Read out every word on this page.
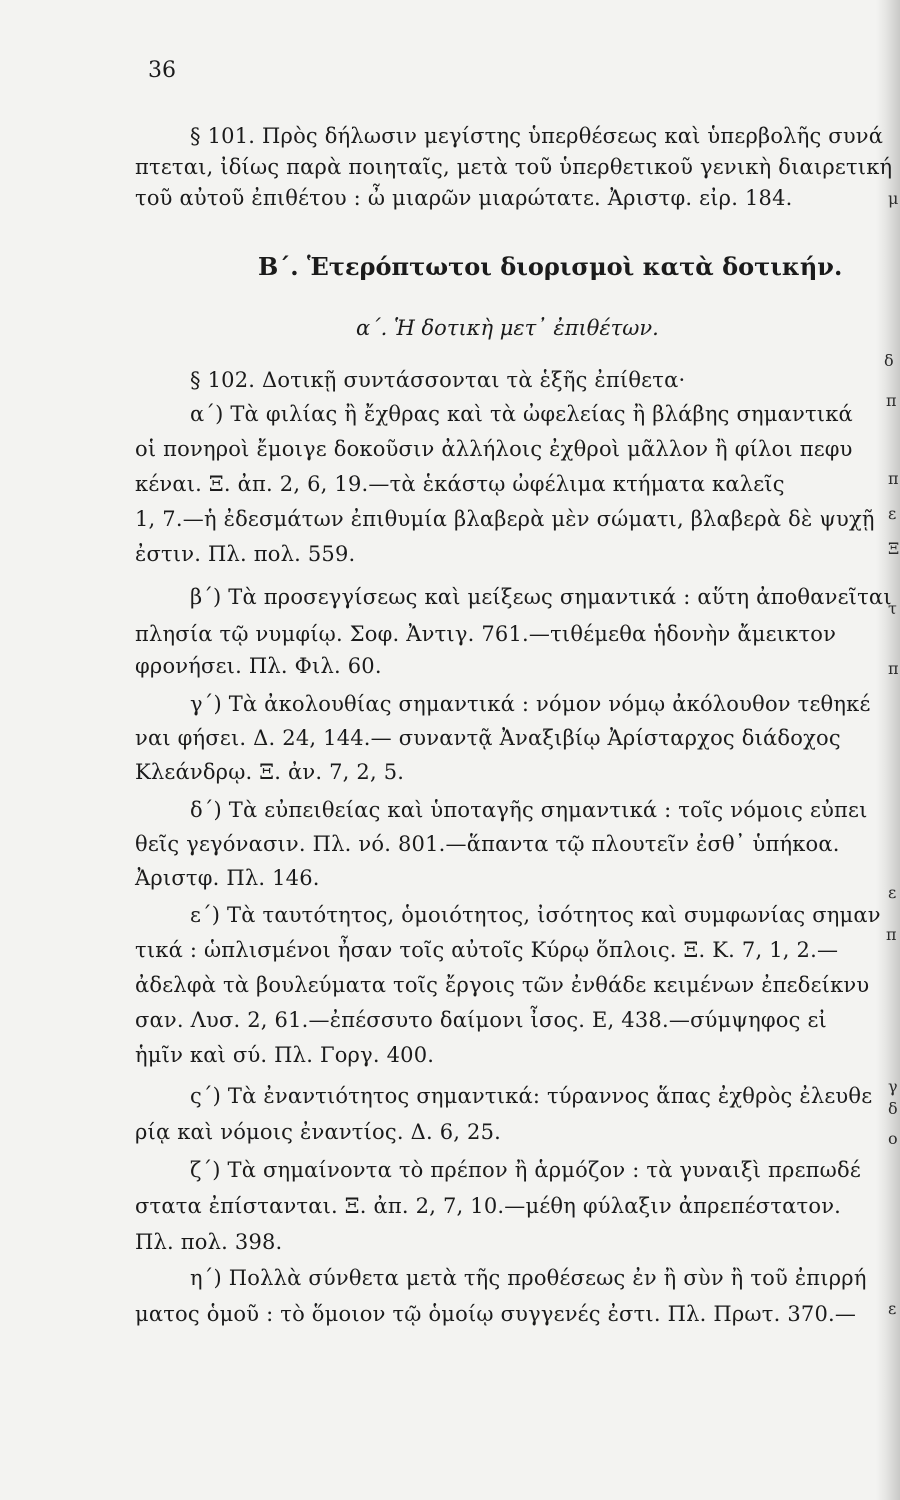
36
§ 101. Πρὸς δήλωσιν μεγίστης ὑπερθέσεως καὶ ὑπερβολῆς συνά
πτεται, ἰδίως παρὰ ποιηταῖς, μετὰ τοῦ ὑπερθετικοῦ γενικὴ διαιρετική
τοῦ αὐτοῦ ἐπιθέτου : ὦ μιαρῶν μιαρώτατε. Ἀριστφ. εἰρ. 184.
Β΄. Ἑτερόπτωτοι διορισμοὶ κατὰ δοτικήν.
α΄. Ἡ δοτικὴ μετ᾽ ἐπιθέτων.
§ 102. Δοτικῇ συντάσσονται τὰ ἑξῆς ἐπίθετα·
α΄) Τὰ φιλίας ἢ ἔχθρας καὶ τὰ ὠφελείας ἢ βλάβης σημαντικά
οἱ πονηροὶ ἔμοιγε δοκοῦσιν ἀλλήλοις ἐχθροὶ μᾶλλον ἢ φίλοι πεφυ
κέναι. Ξ. ἀπ. 2, 6, 19.—τὰ ἑκάστῳ ὠφέλιμα κτήματα καλεῖς
1, 7.—ἡ ἐδεσμάτων ἐπιθυμία βλαβερὰ μὲν σώματι, βλαβερὰ δὲ ψυχῇ
ἐστιν. Πλ. πολ. 559.
β΄) Τὰ προσεγγίσεως καὶ μείξεως σημαντικά : αὕτη ἀποθανεῖται
πλησία τῷ νυμφίῳ. Σοφ. Ἀντιγ. 761.—τιθέμεθα ἡδονὴν ἄμεικτον
φρονήσει. Πλ. Φιλ. 60.
γ΄) Τὰ ἀκολουθίας σημαντικά : νόμον νόμῳ ἀκόλουθον τεθηκέ
ναι φήσει. Δ. 24, 144.— συναντᾷ Ἀναξιβίῳ Ἀρίσταρχος διάδοχος
Κλεάνδρῳ. Ξ. ἀν. 7, 2, 5.
δ΄) Τὰ εὐπειθείας καὶ ὑποταγῆς σημαντικά : τοῖς νόμοις εὐπει
θεῖς γεγόνασιν. Πλ. νό. 801.—ἅπαντα τῷ πλουτεῖν ἐσθ᾽ ὑπήκοα.
Ἀριστφ. Πλ. 146.
ε΄) Τὰ ταυτότητος, ὁμοιότητος, ἰσότητος καὶ συμφωνίας σημαν
τικά : ὡπλισμένοι ἦσαν τοῖς αὐτοῖς Κύρῳ ὅπλοις. Ξ. Κ. 7, 1, 2.—
ἀδελφὰ τὰ βουλεύματα τοῖς ἔργοις τῶν ἐνθάδε κειμένων ἐπεδείκνυ
σαν. Λυσ. 2, 61.—ἐπέσσυτο δαίμονι ἶσος. Ε, 438.—σύμψηφος εἰ
ἡμῖν καὶ σύ. Πλ. Γοργ. 400.
ς΄) Τὰ ἐναντιότητος σημαντικά: τύραννος ἅπας ἐχθρὸς ἐλευθε
ρίᾳ καὶ νόμοις ἐναντίος. Δ. 6, 25.
ζ΄) Τὰ σημαίνοντα τὸ πρέπον ἢ ἁρμόζον : τὰ γυναιξὶ πρεπωδέ
στατα ἐπίστανται. Ξ. ἀπ. 2, 7, 10.—μέθη φύλαξιν ἀπρεπέστατον.
Πλ. πολ. 398.
η΄) Πολλὰ σύνθετα μετὰ τῆς προθέσεως ἐν ἢ σὺν ἢ τοῦ ἐπιρρή
ματος ὁμοῦ : τὸ ὅμοιον τῷ ὁμοίῳ συγγενές ἐστι. Πλ. Πρωτ. 370.—
μ
δ
π
π
ε
Ξ
τ
π
ε
π
γ
δ
ο
ε
